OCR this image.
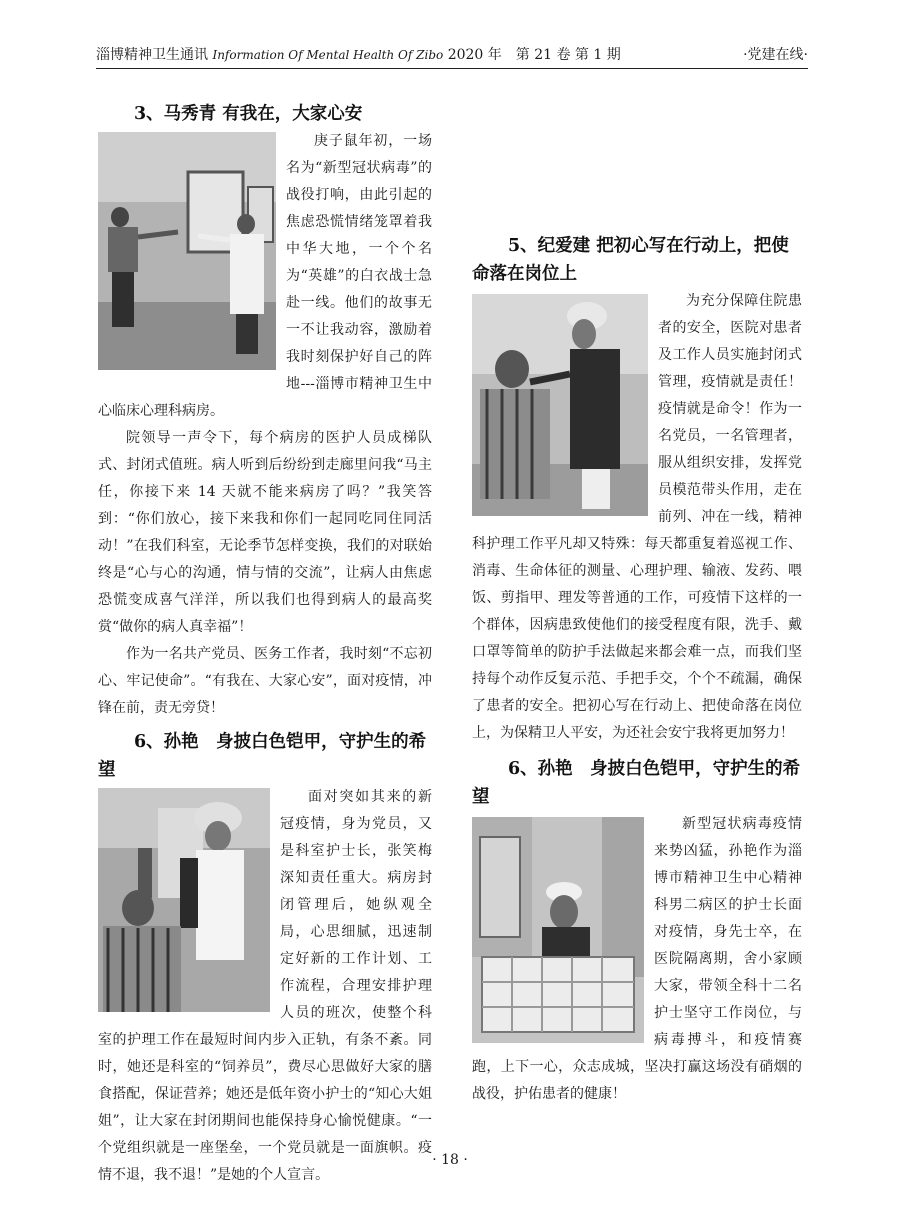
淄博精神卫生通讯 Information Of Mental Health Of Zibo 2020 年　第 21 卷 第 1 期	·党建在线·
3、马秀青 有我在，大家心安

庚子鼠年初，一场名为“新型冠状病毒”的战役打响，由此引起的焦虑恐慌情绪笼罩着我中华大地，一个个名为“英雄”的白衣战士急赴一线。他们的故事无一不让我动容，激励着我时刻保护好自己的阵地---淄博市精神卫生中心临床心理科病房。

院领导一声令下，每个病房的医护人员成梯队式、封闭式值班。病人听到后纷纷到走廊里问我“马主任，你接下来 14 天就不能来病房了吗？”我笑答到：“你们放心，接下来我和你们一起同吃同住同活动！”在我们科室，无论季节怎样变换，我们的对联始终是“心与心的沟通，情与情的交流”，让病人由焦虑恐慌变成喜气洋洋，所以我们也得到病人的最高奖赏“做你的病人真幸福”！

作为一名共产党员、医务工作者，我时刻“不忘初心、牢记使命”。“有我在、大家心安”，面对疫情，冲锋在前，责无旁贷！

6、孙艳　身披白色铠甲，守护生的希望

面对突如其来的新冠疫情，身为党员，又是科室护士长，张笑梅深知责任重大。病房封闭管理后，她纵观全局，心思细腻，迅速制定好新的工作计划、工作流程，合理安排护理人员的班次，使整个科室的护理工作在最短时间内步入正轨，有条不紊。同时，她还是科室的“饲养员”，费尽心思做好大家的膳食搭配，保证营养；她还是低年资小护士的“知心大姐姐”，让大家在封闭期间也能保持身心愉悦健康。“一个党组织就是一座堡垒，一个党员就是一面旗帜。疫情不退，我不退！”是她的个人宣言。

5、纪爱建 把初心写在行动上，把使命落在岗位上

为充分保障住院患者的安全，医院对患者及工作人员实施封闭式管理，疫情就是责任！疫情就是命令！作为一名党员，一名管理者，服从组织安排，发挥党员模范带头作用，走在前列、冲在一线，精神科护理工作平凡却又特殊：每天都重复着巡视工作、消毒、生命体征的测量、心理护理、输液、发药、喂饭、剪指甲、理发等普通的工作，可疫情下这样的一个群体，因病患致使他们的接受程度有限，洗手、戴口罩等简单的防护手法做起来都会难一点，而我们坚持每个动作反复示范、手把手交，个个不疏漏，确保了患者的安全。把初心写在行动上、把使命落在岗位上，为保精卫人平安，为还社会安宁我将更加努力！

6、孙艳　身披白色铠甲，守护生的希望

新型冠状病毒疫情来势凶猛，孙艳作为淄博市精神卫生中心精神科男二病区的护士长面对疫情，身先士卒，在医院隔离期，舍小家顾大家，带领全科十二名护士坚守工作岗位，与病毒搏斗，和疫情赛跑，上下一心，众志成城，坚决打赢这场没有硝烟的战役，护佑患者的健康！

· 18 ·
